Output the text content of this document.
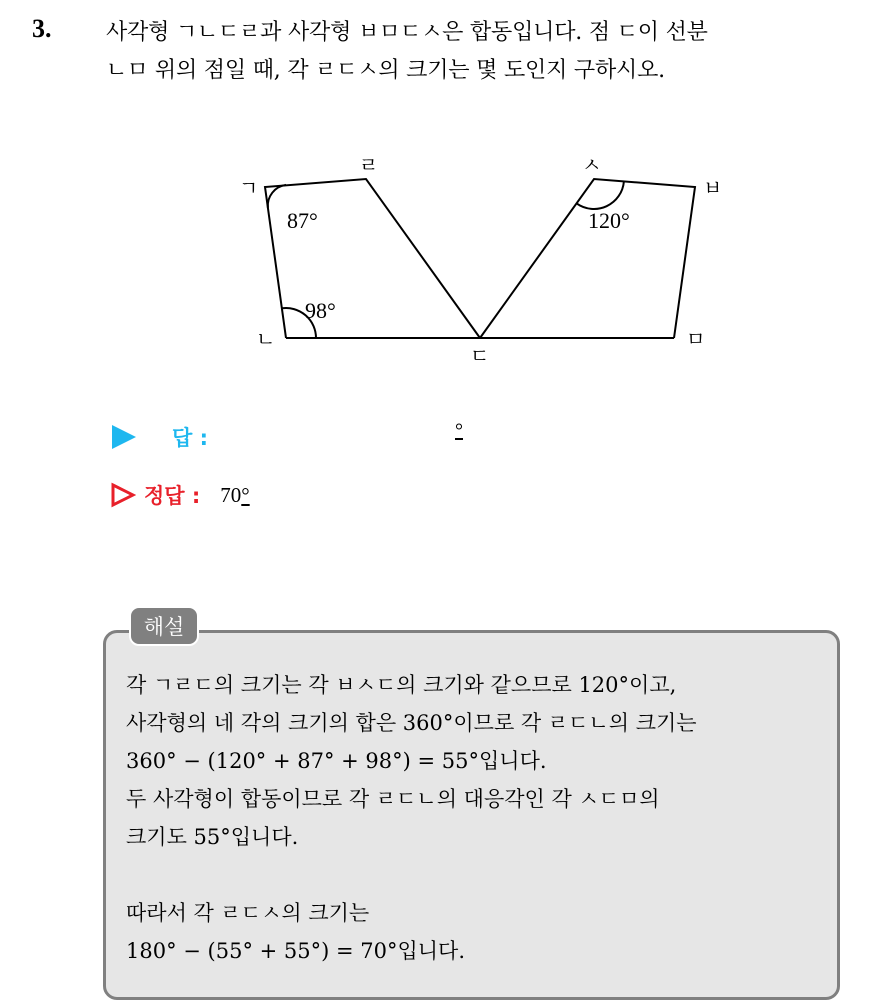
3. 사각형 ㄱㄴㄷㄹ과 사각형 ㅂㅁㄷㅅ은 합동입니다. 점 ㄷ이 선분
ㄴㅁ 위의 점일 때, 각 ㄹㄷㅅ의 크기는 몇 도인지 구하시오.
87°
98°
120°
ㄱ
ㄹ	ㅅ
ㅂ
ㄴ
ㄷ
ㅁ
답 :	°
정답 : 70°
해설
각 ㄱㄹㄷ의 크기는 각 ㅂㅅㄷ의 크기와 같으므로 120°이고,
사각형의 네 각의 크기의 합은 360°이므로 각 ㄹㄷㄴ의 크기는
360° − (120° + 87° + 98°) = 55°입니다.
두 사각형이 합동이므로 각 ㄹㄷㄴ의 대응각인 각 ㅅㄷㅁ의
크기도 55°입니다.
따라서 각 ㄹㄷㅅ의 크기는
180° − (55° + 55°) = 70°입니다.
